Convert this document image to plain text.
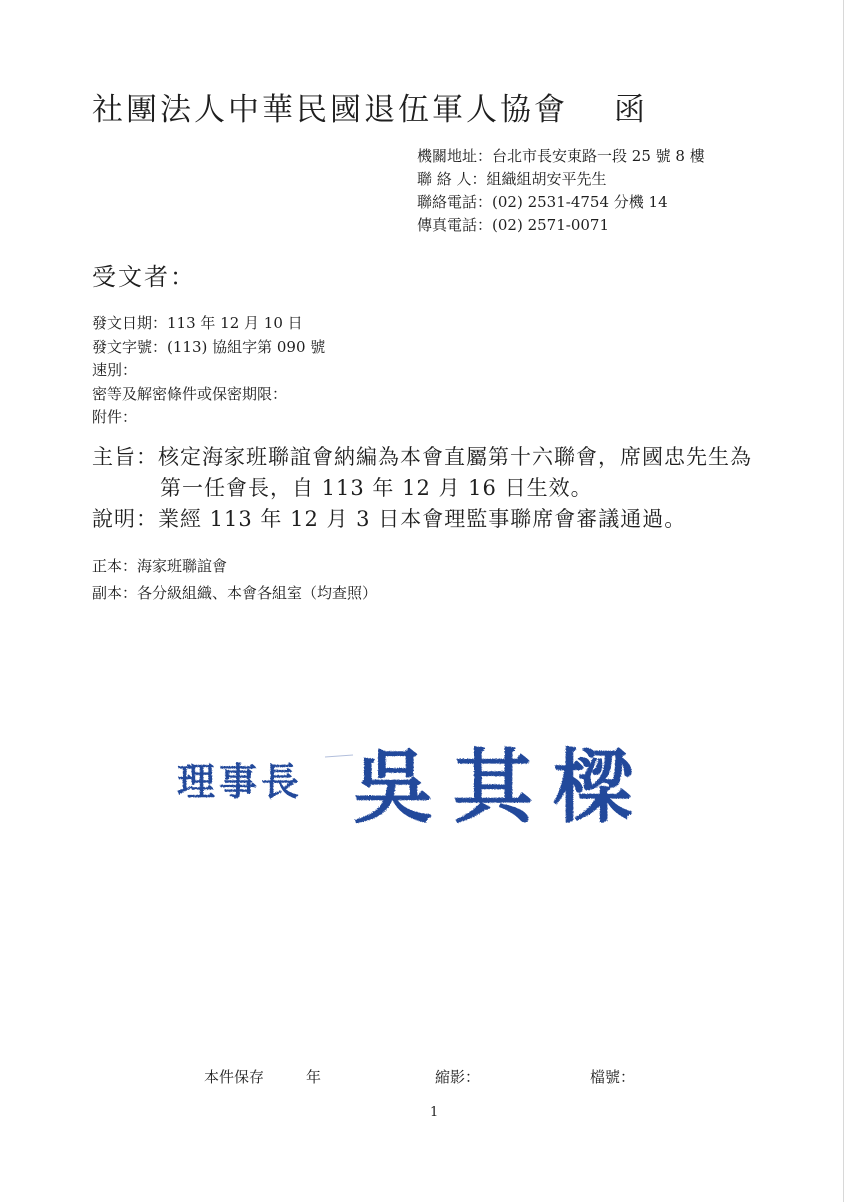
社團法人中華民國退伍軍人協會 函
機關地址：台北市長安東路一段 25 號 8 樓
聯 絡 人：組織組胡安平先生
聯絡電話：(02) 2531-4754 分機 14
傳真電話：(02) 2571-0071
受文者：
發文日期：113 年 12 月 10 日
發文字號：(113) 協組字第 090 號
速別：
密等及解密條件或保密期限：
附件：
主旨：核定海家班聯誼會納編為本會直屬第十六聯會，席國忠先生為
第一任會長，自 113 年 12 月 16 日生效。
說明：業經 113 年 12 月 3 日本會理監事聯席會審議通過。
正本：海家班聯誼會
副本：各分級組織、本會各組室（均查照）
理事長 吳其樑
本件保存	年	縮影：	檔號：
1
